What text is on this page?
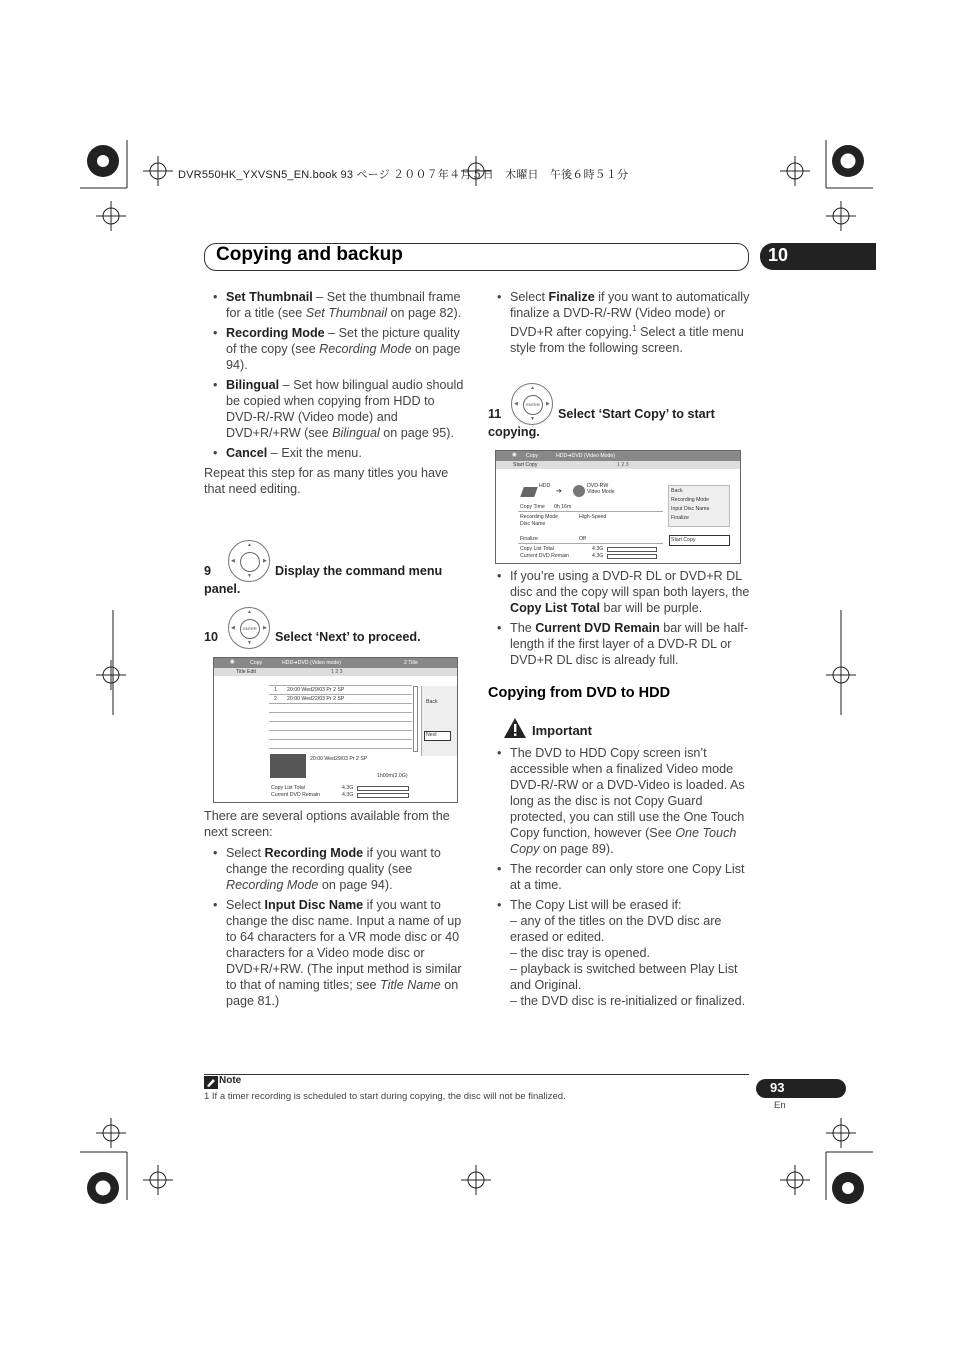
DVR550HK_YXVSN5_EN.book 93 ページ ２００７年４月５日　木曜日　午後６時５１分
Copying and backup	10
• Set Thumbnail – Set the thumbnail frame for a title (see Set Thumbnail on page 82).
• Recording Mode – Set the picture quality of the copy (see Recording Mode on page 94).
• Bilingual – Set how bilingual audio should be copied when copying from HDD to DVD-R/-RW (Video mode) and DVD+R/+RW (see Bilingual on page 95).
• Cancel – Exit the menu.

Repeat this step for as many titles you have that need editing.

▲
▼
◀	▶
9	Display the command menu
panel.
ENTER
▲
▼
◀	▶
10	Select ‘Next’ to proceed.
◉	Copy	HDD➔DVD (Video mode)	2 Title
Title Edit	1 2 3
1 20:00 Wed29/03 Pr 2 SP
2 20:00 Wed22/03 Pr 2 SP	Back
Next
20:00 Wed29/03 Pr 2 SP
1h00m(2.0G)
Copy List Total	4.3G
Current DVD Remain	4.3G

There are several options available from the next screen:

• Select Recording Mode if you want to change the recording quality (see Recording Mode on page 94).
• Select Input Disc Name if you want to change the disc name. Input a name of up to 64 characters for a VR mode disc or 40 characters for a Video mode disc or DVD+R/+RW. (The input method is similar to that of naming titles; see Title Name on page 81.)
• Select Finalize if you want to automatically finalize a DVD-R/-RW (Video mode) or DVD+R after copying.$^1$ Select a title menu style from the following screen.
ENTER
▲
▼
◀	▶
11	Select ‘Start Copy’ to start
copying.
◉ Copy	HDD➔DVD (Video Mode)
Start Copy	1 2 3
HDD
➔
DVD-RW
Video Mode
Copy Time 0h 16m
Recording Mode	High-Speed
Disc Name
Finalize	Off
Copy List Total	4.3G
Current DVD Remain	4.3G
Back
Recording Mode
Input Disc Name
Finalize
Start Copy
• If you’re using a DVD-R DL or DVD+R DL disc and the copy will span both layers, the Copy List Total bar will be purple.
• The Current DVD Remain bar will be half-length if the first layer of a DVD-R DL or DVD+R DL disc is already full.
Copying from DVD to HDD
Important
• The DVD to HDD Copy screen isn’t accessible when a finalized Video mode DVD-R/-RW or a DVD-Video is loaded. As long as the disc is not Copy Guard protected, you can still use the One Touch Copy function, however (See One Touch Copy on page 89).
• The recorder can only store one Copy List at a time.
• The Copy List will be erased if:
– any of the titles on the DVD disc are erased or edited.
– the disc tray is opened.
– playback is switched between Play List and Original.
– the DVD disc is re-initialized or finalized.
Note
1 If a timer recording is scheduled to start during copying, the disc will not be finalized.
93
En
